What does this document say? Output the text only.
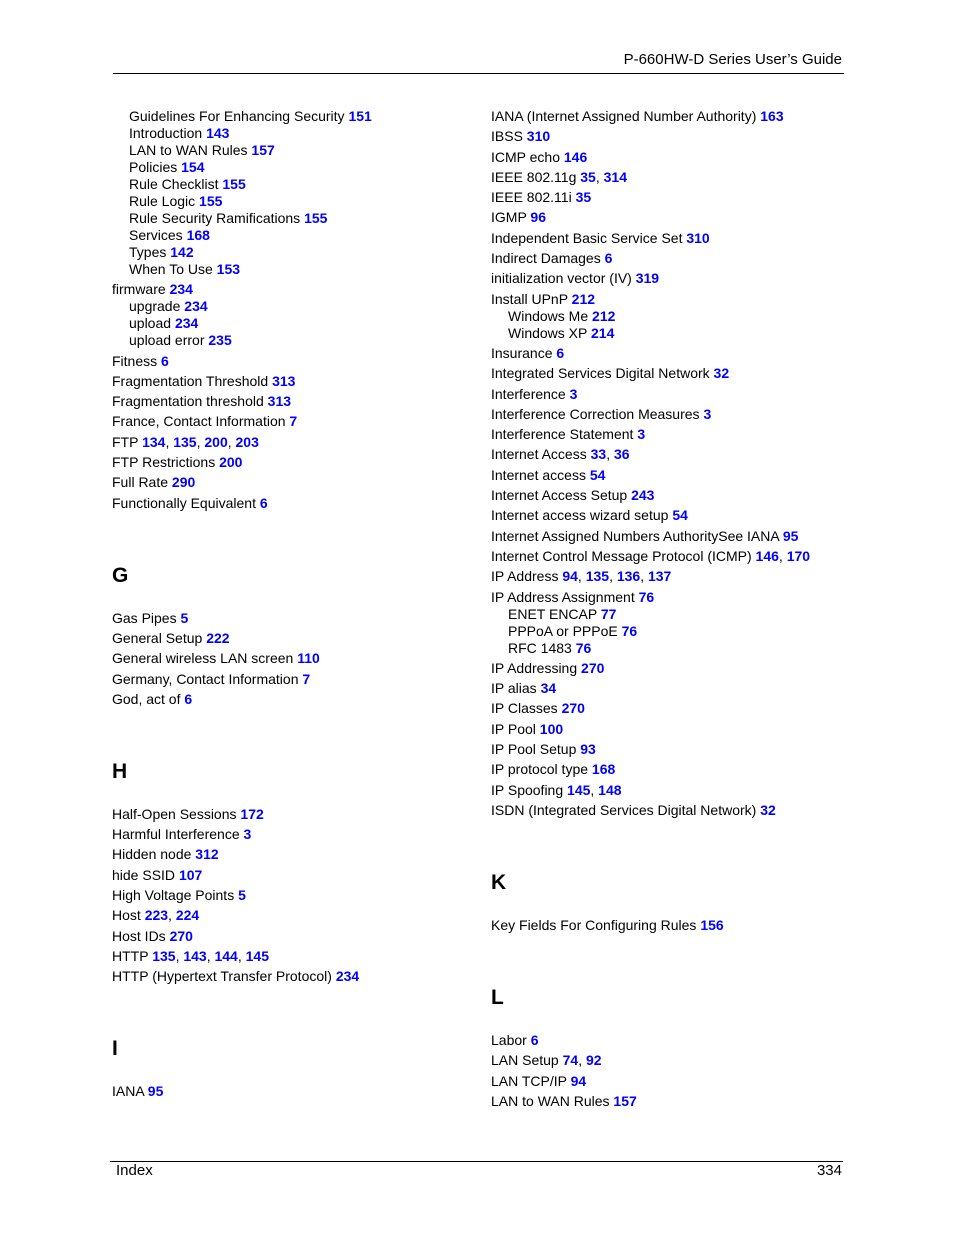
P-660HW-D Series User’s Guide
Guidelines For Enhancing Security 151
Introduction 143
LAN to WAN Rules 157
Policies 154
Rule Checklist 155
Rule Logic 155
Rule Security Ramifications 155
Services 168
Types 142
When To Use 153
firmware 234
upgrade 234
upload 234
upload error 235
Fitness 6
Fragmentation Threshold 313
Fragmentation threshold 313
France, Contact Information 7
FTP 134, 135, 200, 203
FTP Restrictions 200
Full Rate 290
Functionally Equivalent 6
G
Gas Pipes 5
General Setup 222
General wireless LAN screen 110
Germany, Contact Information 7
God, act of 6
H
Half-Open Sessions 172
Harmful Interference 3
Hidden node 312
hide SSID 107
High Voltage Points 5
Host 223, 224
Host IDs 270
HTTP 135, 143, 144, 145
HTTP (Hypertext Transfer Protocol) 234
I
IANA 95
IANA (Internet Assigned Number Authority) 163
IBSS 310
ICMP echo 146
IEEE 802.11g 35, 314
IEEE 802.11i 35
IGMP 96
Independent Basic Service Set 310
Indirect Damages 6
initialization vector (IV) 319
Install UPnP 212
Windows Me 212
Windows XP 214
Insurance 6
Integrated Services Digital Network 32
Interference 3
Interference Correction Measures 3
Interference Statement 3
Internet Access 33, 36
Internet access 54
Internet Access Setup 243
Internet access wizard setup 54
Internet Assigned Numbers AuthoritySee IANA 95
Internet Control Message Protocol (ICMP) 146, 170
IP Address 94, 135, 136, 137
IP Address Assignment 76
ENET ENCAP 77
PPPoA or PPPoE 76
RFC 1483 76
IP Addressing 270
IP alias 34
IP Classes 270
IP Pool 100
IP Pool Setup 93
IP protocol type 168
IP Spoofing 145, 148
ISDN (Integrated Services Digital Network) 32
K
Key Fields For Configuring Rules 156
L
Labor 6
LAN Setup 74, 92
LAN TCP/IP 94
LAN to WAN Rules 157
Index	334
